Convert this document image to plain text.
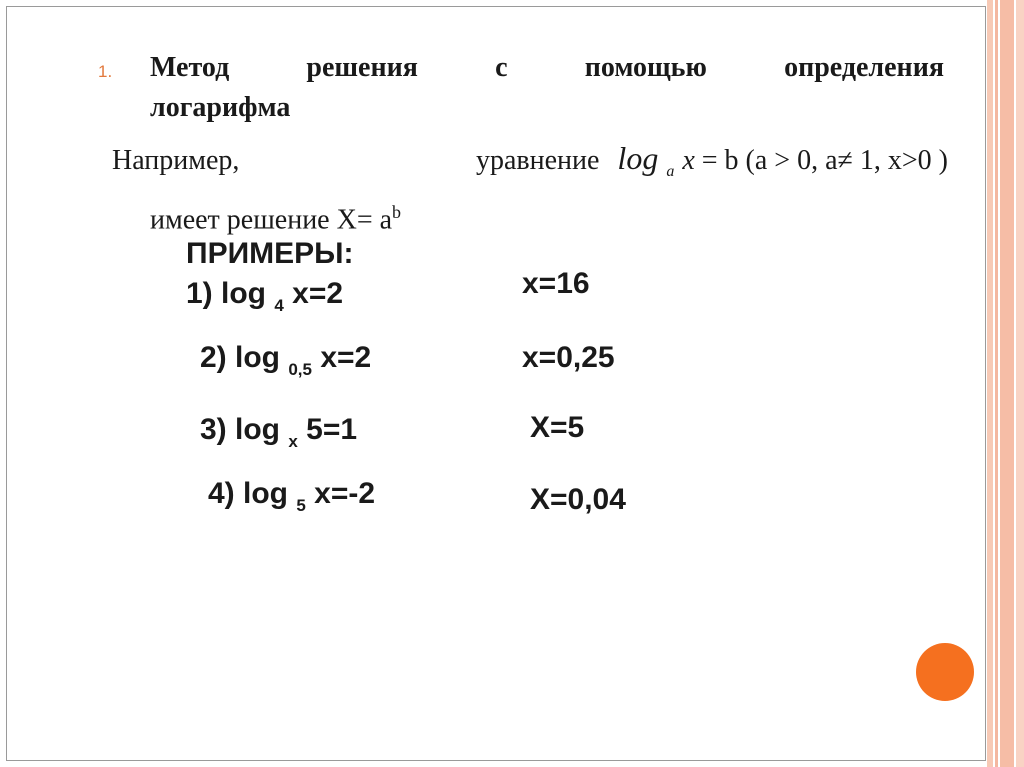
1. Метод	решения	с	помощью	определения
логарифма
Например,	уравнение log $_a$ x = b (a > 0, a≠ 1, x>0 )
имеет решение $X= a^b$
ПРИМЕРЫ:
1) log $_4$ x=2	x=16
2) log $_{0,5}$ x=2	x=0,25
3) log $_x$ 5=1	X=5
4) log $_5$ x=-2	X=0,04
